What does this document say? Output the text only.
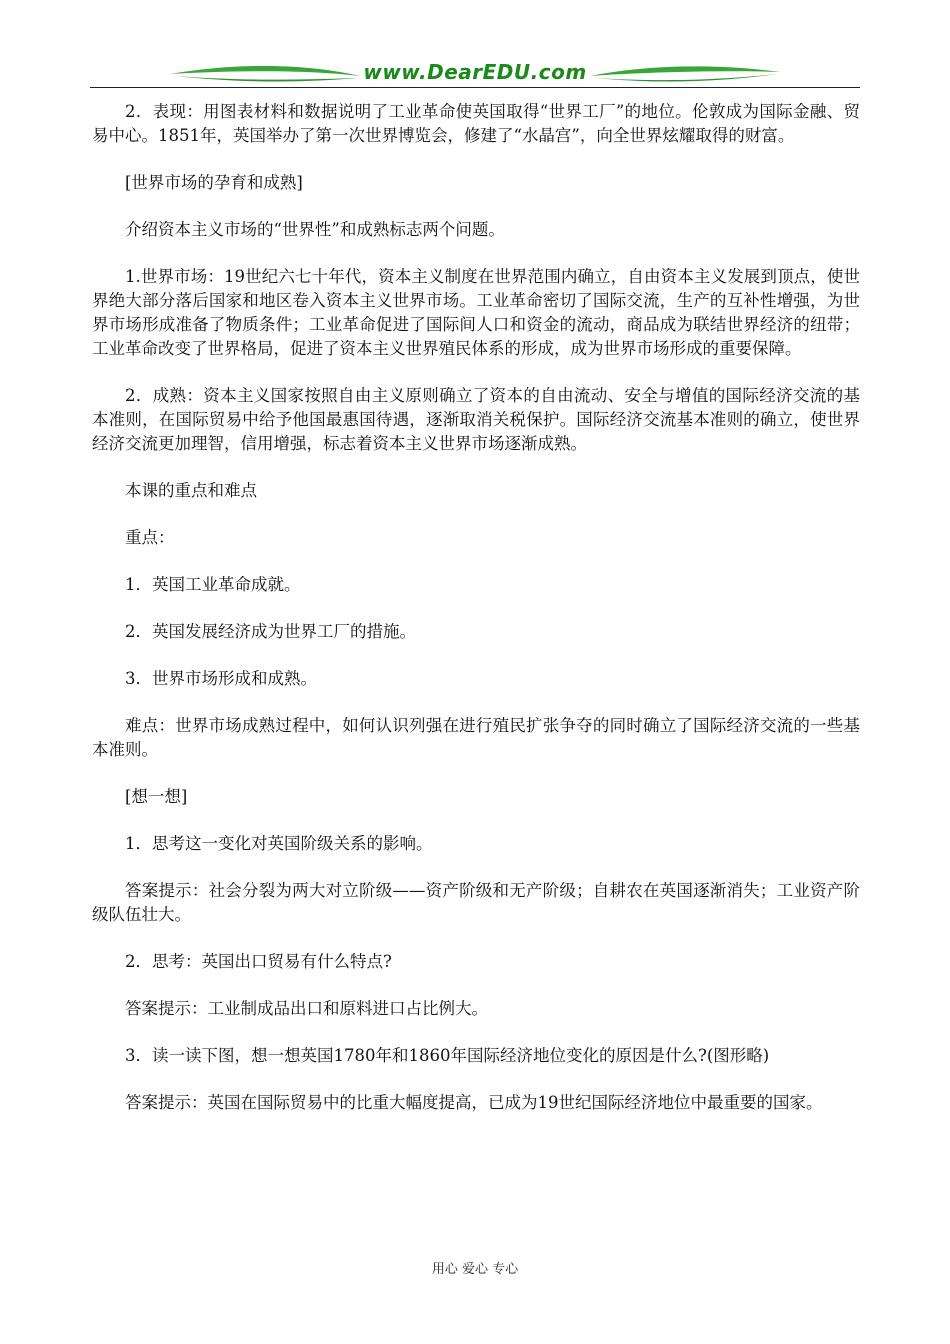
www.DearEDU.com

2．表现：用图表材料和数据说明了工业革命使英国取得“世界工厂”的地位。伦敦成为国际金融、贸易中心。1851年，英国举办了第一次世界博览会，修建了“水晶宫”，向全世界炫耀取得的财富。

[世界市场的孕育和成熟]

介绍资本主义市场的“世界性”和成熟标志两个问题。

1.世界市场：19世纪六七十年代，资本主义制度在世界范围内确立，自由资本主义发展到顶点，使世界绝大部分落后国家和地区卷入资本主义世界市场。工业革命密切了国际交流，生产的互补性增强，为世界市场形成准备了物质条件；工业革命促进了国际间人口和资金的流动，商品成为联结世界经济的纽带；工业革命改变了世界格局，促进了资本主义世界殖民体系的形成，成为世界市场形成的重要保障。

2．成熟：资本主义国家按照自由主义原则确立了资本的自由流动、安全与增值的国际经济交流的基本准则，在国际贸易中给予他国最惠国待遇，逐渐取消关税保护。国际经济交流基本准则的确立，使世界经济交流更加理智，信用增强，标志着资本主义世界市场逐渐成熟。

本课的重点和难点

重点：

1．英国工业革命成就。

2．英国发展经济成为世界工厂的措施。

3．世界市场形成和成熟。

难点：世界市场成熟过程中，如何认识列强在进行殖民扩张争夺的同时确立了国际经济交流的一些基本准则。

[想一想]

1．思考这一变化对英国阶级关系的影响。

答案提示：社会分裂为两大对立阶级——资产阶级和无产阶级；自耕农在英国逐渐消失；工业资产阶级队伍壮大。

2．思考：英国出口贸易有什么特点?

答案提示：工业制成品出口和原料进口占比例大。

3．读一读下图，想一想英国1780年和1860年国际经济地位变化的原因是什么?(图形略)

答案提示：英国在国际贸易中的比重大幅度提高，已成为19世纪国际经济地位中最重要的国家。

用心 爱心 专心
